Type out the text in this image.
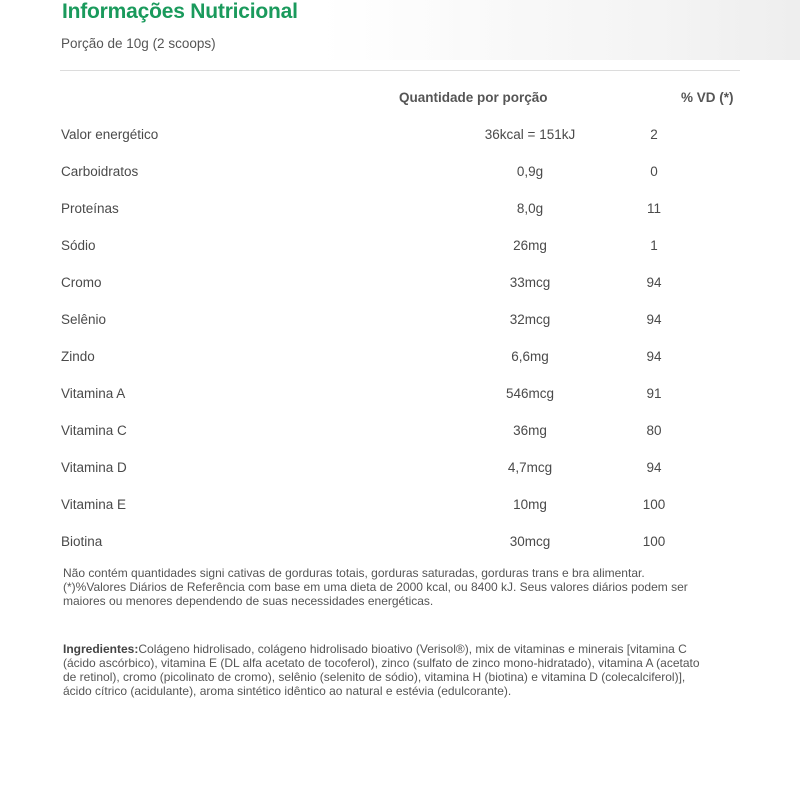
Informações Nutricional
Porção de 10g (2 scoops)
Quantidade por porção	% VD (*)
Valor energético	36kcal = 151kJ	2
Carboidratos	0,9g	0
Proteínas	8,0g	11
Sódio	26mg	1
Cromo	33mcg	94
Selênio	32mcg	94
Zindo	6,6mg	94
Vitamina A	546mcg	91
Vitamina C	36mg	80
Vitamina D	4,7mcg	94
Vitamina E	10mg	100
Biotina	30mcg	100
Não contém quantidades signi cativas de gorduras totais, gorduras saturadas, gorduras trans e bra alimentar. (*)%Valores Diários de Referência com base em uma dieta de 2000 kcal, ou 8400 kJ. Seus valores diários podem ser maiores ou menores dependendo de suas necessidades energéticas.
Ingredientes:Colágeno hidrolisado, colágeno hidrolisado bioativo (Verisol®), mix de vitaminas e minerais [vitamina C (ácido ascórbico), vitamina E (DL alfa acetato de tocoferol), zinco (sulfato de zinco mono-hidratado), vitamina A (acetato de retinol), cromo (picolinato de cromo), selênio (selenito de sódio), vitamina H (biotina) e vitamina D (colecalciferol)], ácido cítrico (acidulante), aroma sintético idêntico ao natural e estévia (edulcorante).
